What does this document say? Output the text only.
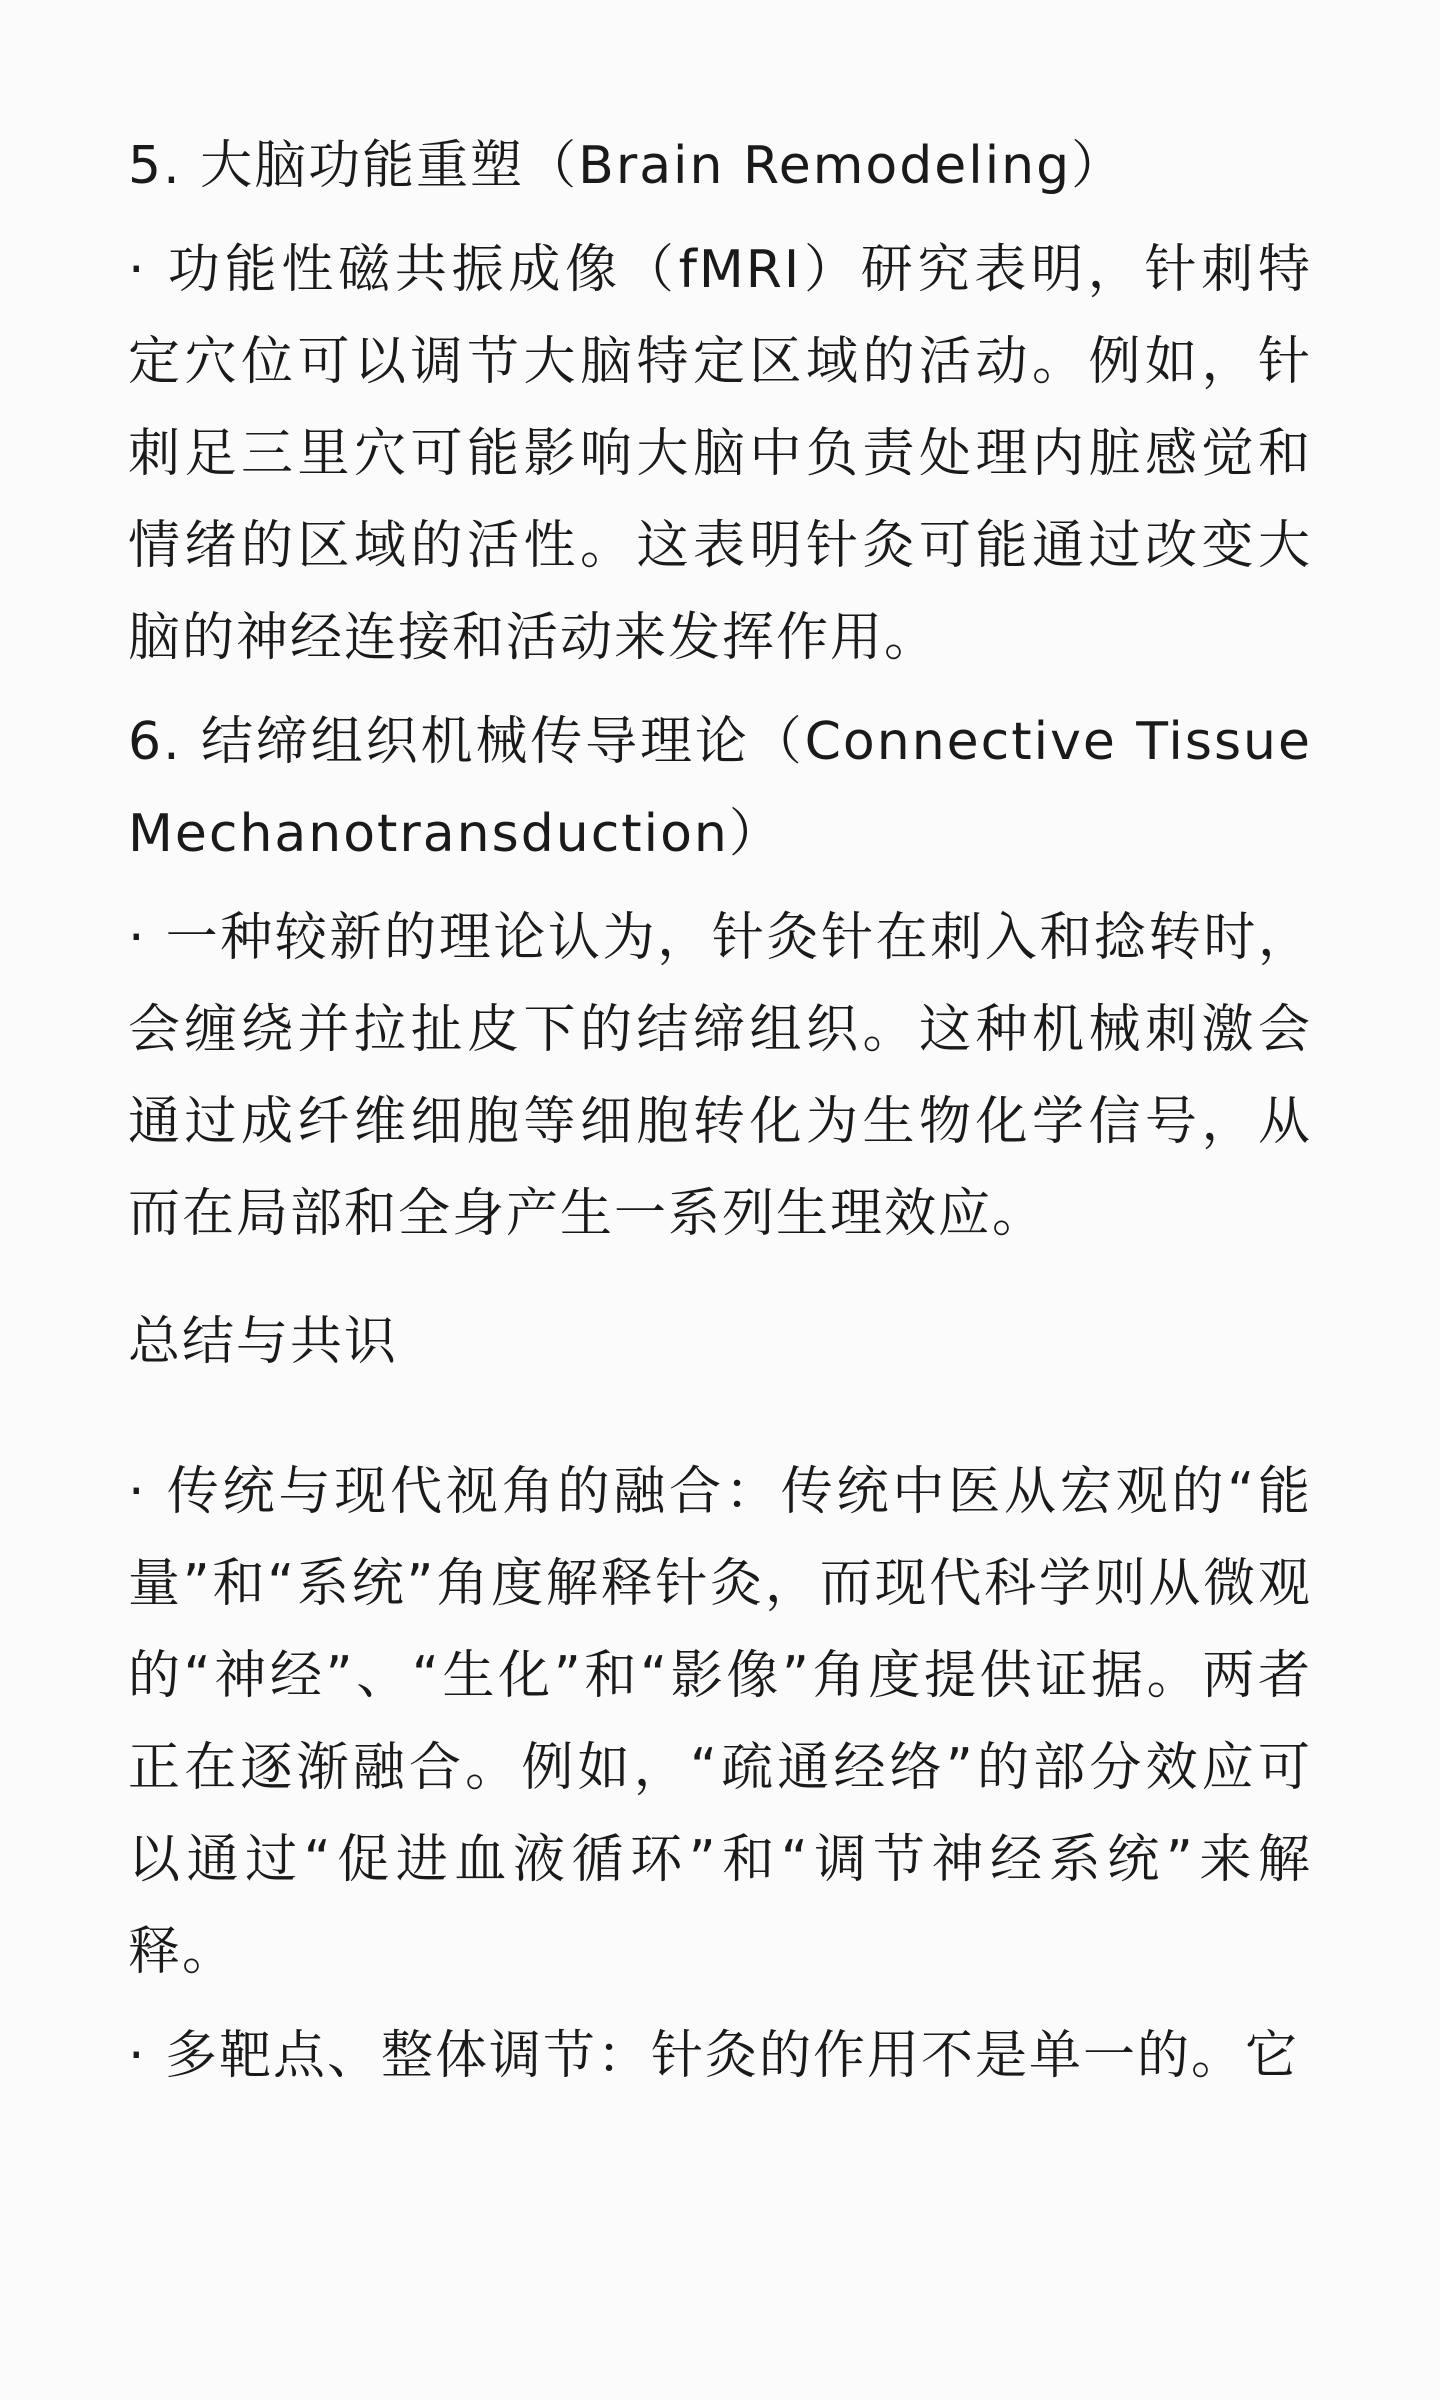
5. 大脑功能重塑（Brain Remodeling）

· 功能性磁共振成像（fMRI）研究表明，针刺特定穴位可以调节大脑特定区域的活动。例如，针刺足三里穴可能影响大脑中负责处理内脏感觉和情绪的区域的活性。这表明针灸可能通过改变大脑的神经连接和活动来发挥作用。

6. 结缔组织机械传导理论（Connective Tissue Mechanotransduction）

· 一种较新的理论认为，针灸针在刺入和捻转时，会缠绕并拉扯皮下的结缔组织。这种机械刺激会通过成纤维细胞等细胞转化为生物化学信号，从而在局部和全身产生一系列生理效应。

总结与共识

· 传统与现代视角的融合：传统中医从宏观的“能量”和“系统”角度解释针灸，而现代科学则从微观的“神经”、“生化”和“影像”角度提供证据。两者正在逐渐融合。例如，“疏通经络”的部分效应可以通过“促进血液循环”和“调节神经系统”来解释。

· 多靶点、整体调节：针灸的作用不是单一的。它
